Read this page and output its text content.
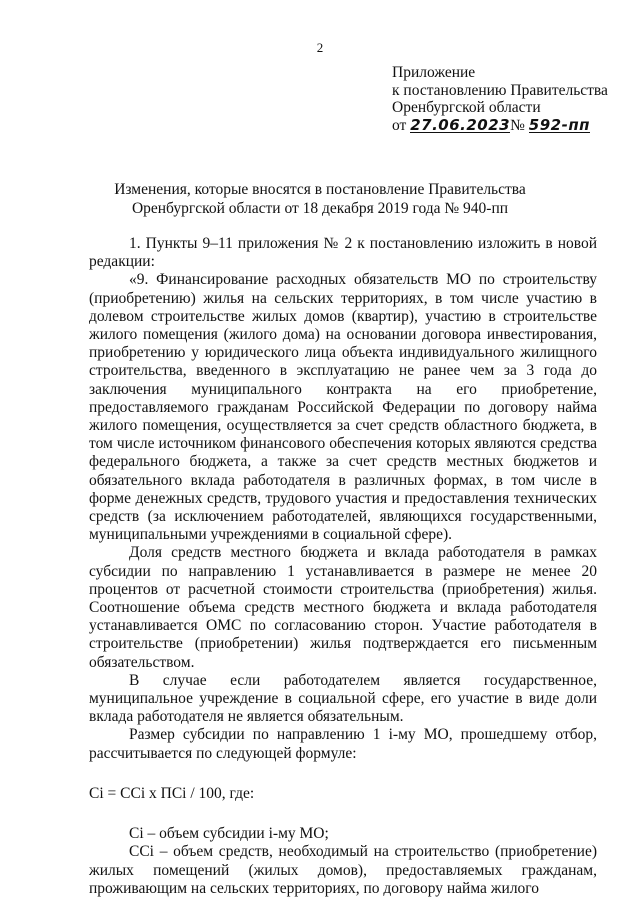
2
Приложение
к постановлению Правительства
Оренбургской области
от 27.06.2023№ 592-пп
Изменения, которые вносятся в постановление Правительства
Оренбургской области от 18 декабря 2019 года № 940-пп

1. Пункты 9–11 приложения № 2 к постановлению изложить в новой редакции:

«9. Финансирование расходных обязательств МО по строительству (приобретению) жилья на сельских территориях, в том числе участию в долевом строительстве жилых домов (квартир), участию в строительстве жилого помещения (жилого дома) на основании договора инвестирования, приобретению у юридического лица объекта индивидуального жилищного строительства, введенного в эксплуатацию не ранее чем за 3 года до заключения муниципального контракта на его приобретение, предоставляемого гражданам Российской Федерации по договору найма жилого помещения, осуществляется за счет средств областного бюджета, в том числе источником финансового обеспечения которых являются средства федерального бюджета, а также за счет средств местных бюджетов и обязательного вклада работодателя в различных формах, в том числе в форме денежных средств, трудового участия и предоставления технических средств (за исключением работодателей, являющихся государственными, муниципальными учреждениями в социальной сфере).

Доля средств местного бюджета и вклада работодателя в рамках субсидии по направлению 1 устанавливается в размере не менее 20 процентов от расчетной стоимости строительства (приобретения) жилья. Соотношение объема средств местного бюджета и вклада работодателя устанавливается ОМС по согласованию сторон. Участие работодателя в строительстве (приобретении) жилья подтверждается его письменным обязательством.

В случае если работодателем является государственное, муниципальное учреждение в социальной сфере, его участие в виде доли вклада работодателя не является обязательным.

Размер субсидии по направлению 1 i-му МО, прошедшему отбор, рассчитывается по следующей формуле:

Ci = CCi x ПCi / 100, где:

Ci – объем субсидии i-му МО;

CCi – объем средств, необходимый на строительство (приобретение) жилых помещений (жилых домов), предоставляемых гражданам, проживающим на сельских территориях, по договору найма жилого
